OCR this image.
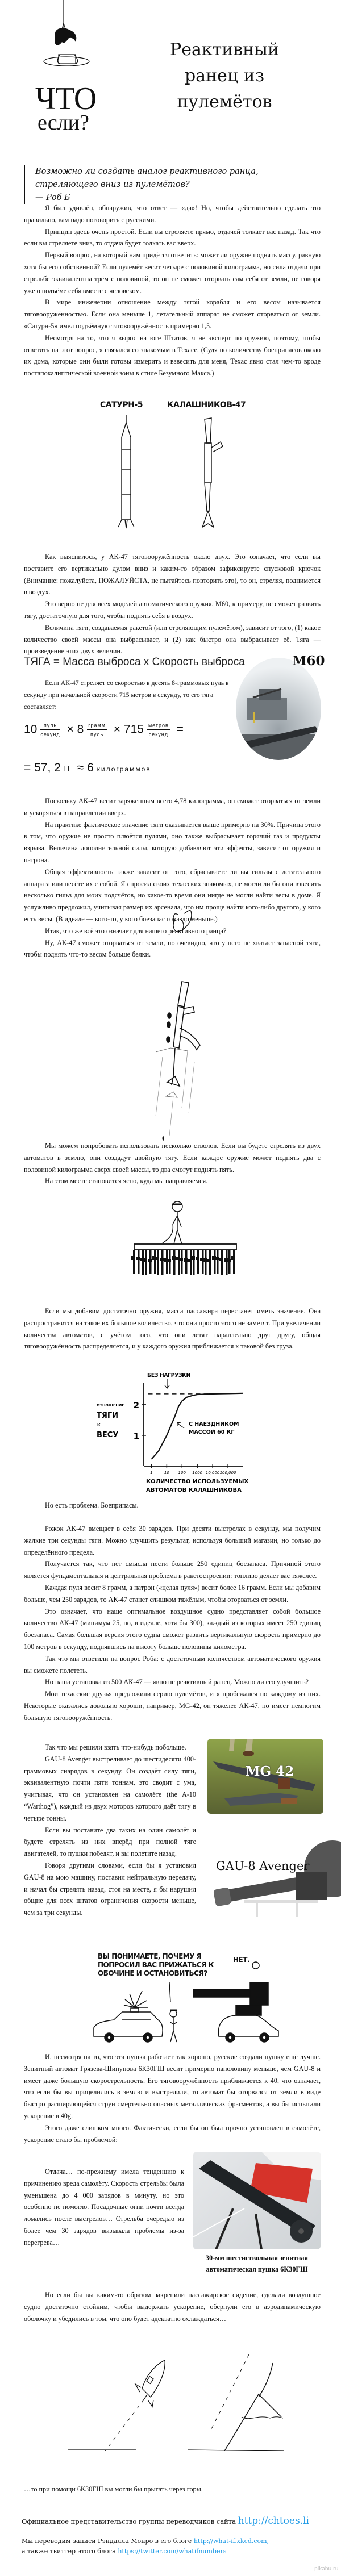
ЧТО
если?
Реактивный
ранец из
пулемётов
Возможно ли создать аналог реактивного ранца, стреляющего вниз из пулемётов?
— Роб Б

Я был удивлён, обнаружив, что ответ — «да»! Но, чтобы действительно сделать это правильно, вам надо поговорить с русскими.

Принцип здесь очень простой. Если вы стреляете прямо, отдачей толкает вас назад. Так что если вы стреляете вниз, то отдача будет толкать вас вверх.

Первый вопрос, на который нам придётся ответить: может ли оружие поднять массу, равную хотя бы его собственной? Если пулемёт весит четыре с половиной килограмма, но сила отдачи при стрельбе эквивалентна трём с половиной, то он не сможет оторвать сам себя от земли, не говоря уже о подъёме себя вместе с человеком.

В мире инженерии отношение между тягой корабля и его весом называется тяговооружённостью. Если она меньше 1, летательный аппарат не сможет оторваться от земли. «Сатурн-5» имел подъёмную тяговооружённость примерно 1,5.

Несмотря на то, что я вырос на юге Штатов, я не эксперт по оружию, поэтому, чтобы ответить на этот вопрос, я связался со знакомым в Техасе. (Судя по количеству боеприпасов около их дома, которые они были готовы измерить и взвесить для меня, Техас явно стал чем-то вроде постапокалиптической военной зоны в стиле Безумного Макса.)

САТУРН-5	КАЛАШНИКОВ-47

Как выяснилось, у АК-47 тяговооружённость около двух. Это означает, что если вы поставите его вертикально дулом вниз и каким-то образом зафиксируете спусковой крючок (Внимание: пожалуйста, ПОЖАЛУЙСТА, не пытайтесь повторить это), то он, стреляя, поднимется в воздух.

Это верно не для всех моделей автоматического оружия. M60, к примеру, не сможет развить тягу, достаточную для того, чтобы поднять себя в воздух.

Величина тяги, создаваемая ракетой (или стреляющим пулемётом), зависит от того, (1) какое количество своей массы она выбрасывает, и (2) как быстро она выбрасывает её. Тяга — произведение этих двух величин.

ТЯГА = Масса выброса x Скорость выброса	M60

Если АК-47 стреляет со скоростью в десять 8-граммовых пуль в секунду при начальной скорости 715 метров в секунду, то его тяга составляет:

$10 \frac{\text{пуль}}{\text{секунд}} \times 8 \frac{\text{грамм}}{\text{пуль}} \times 715 \frac{\text{метров}}{\text{секунд}}$ =
= 57, 2 Н ≈ 6 килограммов

Поскольку АК-47 весит заряженным всего 4,78 килограмма, он сможет оторваться от земли и ускоряться в направлении вверх.

На практике фактическое значение тяги оказывается выше примерно на 30%. Причина этого в том, что оружие не просто плюётся пулями, оно также выбрасывает горячий газ и продукты взрыва. Величина дополнительной силы, которую добавляют эти эффекты, зависит от оружия и патрона.

Общая эффективность также зависит от того, сбрасываете ли вы гильзы с летательного аппарата или несёте их с собой. Я спросил своих техасских знакомых, не могли ли бы они взвесить несколько гильз для моих подсчётов, но какое-то время они нигде не могли найти весы в доме. Я услужливо предложил, учитывая размер их арсенала, что им проще найти кого-либо другого, у кого есть весы. (В идеале — кого-то, у кого боезапас гораздо меньше.)

Итак, что же всё это означает для нашего реактивного ранца?

Ну, АК-47 сможет оторваться от земли, но очевидно, что у него не хватает запасной тяги, чтобы поднять что-то весом больше белки.

Мы можем попробовать использовать несколько стволов. Если вы будете стрелять из двух автоматов в землю, они создадут двойную тягу. Если каждое оружие может поднять два с половиной килограмма сверх своей массы, то два смогут поднять пять.

На этом месте становится ясно, куда мы направляемся.

Если мы добавим достаточно оружия, масса пассажира перестанет иметь значение. Она распространится на такое их большое количество, что они просто этого не заметят. При увеличении количества автоматов, с учётом того, что они летят параллельно друг другу, общая тяговооружённость распределяется, и у каждого оружия приближается к таковой без груза.

1
2
1	10 100 1000 10,000 100,000
БЕЗ НАГРУЗКИ
С НАЕЗДНИКОМ
МАССОЙ 60 КГ
ОТНОШЕНИЕ
ТЯГИ
К
ВЕСУ
КОЛИЧЕСТВО ИСПОЛЬЗУЕМЫХ
АВТОМАТОВ КАЛАШНИКОВА

Но есть проблема. Боеприпасы.

Рожок АК-47 вмещает в себя 30 зарядов. При десяти выстрелах в секунду, мы получим жалкие три секунды тяги. Можно улучшить результат, используя больший магазин, но только до определённого предела.

Получается так, что нет смысла нести больше 250 единиц боезапаса. Причиной этого является фундаментальная и центральная проблема в ракетостроении: топливо делает вас тяжелее.

Каждая пуля весит 8 грамм, а патрон («целая пуля») весит более 16 грамм. Если мы добавим больше, чем 250 зарядов, то АК-47 станет слишком тяжёлым, чтобы оторваться от земли.

Это означает, что наше оптимальное воздушное судно представляет собой большое количество АК-47 (минимум 25, но, в идеале, хотя бы 300), каждый из которых имеет 250 единиц боезапаса. Самая большая версия этого судна сможет развить вертикальную скорость примерно до 100 метров в секунду, поднявшись на высоту больше половины километра.

Так что мы ответили на вопрос Роба: с достаточным количеством автоматического оружия вы сможете полететь.

Но наша установка из 500 АК-47 — явно не реактивный ранец. Можно ли его улучшить?

Мои техасские друзья предложили серию пулемётов, и я пробежался по каждому из них. Некоторые оказались довольно хороши, например, MG-42, он тяжелее АК-47, но имеет немногим большую тяговооружённость.

Так что мы решили взять что-нибудь побольше.

GAU-8 Avenger выстреливает до шестидесяти 400-граммовых снарядов в секунду. Он создаёт силу тяги, эквивалентную почти пяти тоннам, это сводит с ума, учитывая, что он установлен на самолёте (the A-10 “Warthog”), каждый из двух моторов которого даёт тягу в четыре тонны.

Если вы поставите два таких на один самолёт и будете стрелять из них вперёд при полной тяге двигателей, то пушки победят, и вы полетите назад.

Говоря другими словами, если бы я установил GAU-8 на мою машину, поставил нейтральную передачу, и начал бы стрелять назад, стоя на месте, я бы нарушил общие для всех штатов ограничения скорости меньше, чем за три секунды.

MG 42
GAU-8 Avenger
ВЫ ПОНИМАЕТЕ, ПОЧЕМУ Я ПОПРОСИЛ ВАС ПРИЖАТЬСЯ К ОБОЧИНЕ И ОСТАНОВИТЬСЯ?
НЕТ.

И, несмотря на то, что эта пушка работает так хорошо, русские создали пушку ещё лучше. Зенитный автомат Грязева-Шипунова 6К30ГШ весит примерно наполовину меньше, чем GAU-8 и имеет даже большую скорострельность. Его тяговооружённость приближается к 40, что означает, что если бы вы прицелились в землю и выстрелили, то автомат бы оторвался от земли в виде быстро расширяющейся струи смертельно опасных металлических фрагментов, а вы бы испытали ускорение в 40g.

Этого даже слишком много. Фактически, если бы он был прочно установлен в самолёте, ускорение стало бы проблемой:

Отдача… по-прежнему имела тенденцию к причинению вреда самолёту. Скорость стрельбы была уменьшена до 4 000 зарядов в минуту, но это особенно не помогло. Посадочные огни почти всегда ломались после выстрелов… Стрельба очередью из более чем 30 зарядов вызывала проблемы из-за перегрева…

30-мм шестиствольная зенитная
автоматическая пушка 6К30ГШ

Но если бы вы каким-то образом закрепили пассажирское сидение, сделали воздушное судно достаточно стойким, чтобы выдержать ускорение, обернули его в аэродинамическую оболочку и убедились в том, что оно будет адекватно охлаждаться…

…то при помощи 6К30ГШ вы могли бы прыгать через горы.

Официальное представительство группы переводчиков сайта http://chtoes.li
Мы переводим записи Рэндалла Монро в его блоге http://what-if.xkcd.com,
а также твиттер этого блога https://twitter.com/whatifnumbers
pikabu.ru
